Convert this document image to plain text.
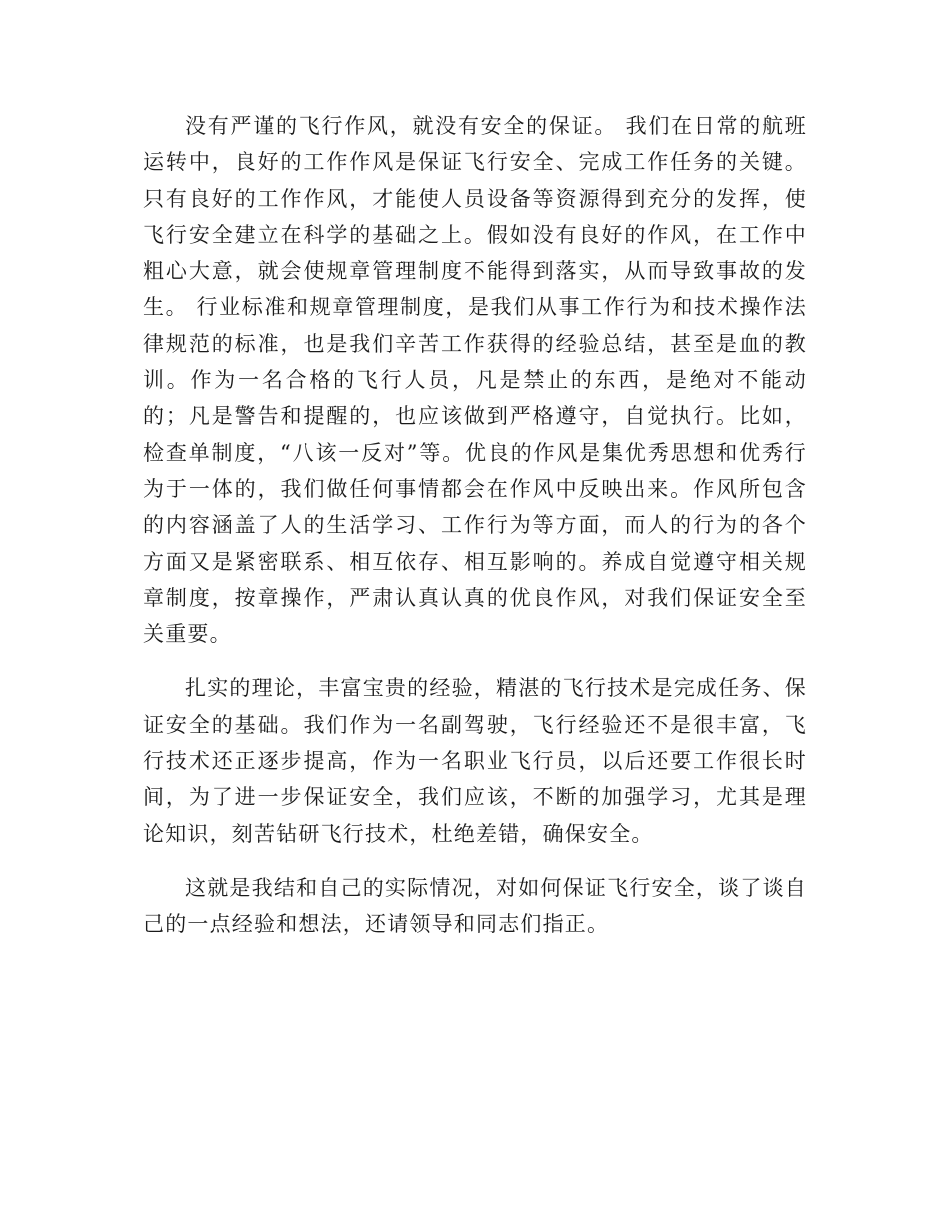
没有严谨的飞行作风，就没有安全的保证。 我们在日常的航班运转中，良好的工作作风是保证飞行安全、完成工作任务的关键。只有良好的工作作风，才能使人员设备等资源得到充分的发挥，使飞行安全建立在科学的基础之上。假如没有良好的作风，在工作中粗心大意，就会使规章管理制度不能得到落实，从而导致事故的发生。 行业标准和规章管理制度，是我们从事工作行为和技术操作法律规范的标准，也是我们辛苦工作获得的经验总结，甚至是血的教训。作为一名合格的飞行人员，凡是禁止的东西，是绝对不能动的；凡是警告和提醒的，也应该做到严格遵守，自觉执行。比如，检查单制度，“八该一反对”等。优良的作风是集优秀思想和优秀行为于一体的，我们做任何事情都会在作风中反映出来。作风所包含的内容涵盖了人的生活学习、工作行为等方面，而人的行为的各个方面又是紧密联系、相互依存、相互影响的。养成自觉遵守相关规章制度，按章操作，严肃认真认真的优良作风，对我们保证安全至关重要。

扎实的理论，丰富宝贵的经验，精湛的飞行技术是完成任务、保证安全的基础。我们作为一名副驾驶，飞行经验还不是很丰富，飞行技术还正逐步提高，作为一名职业飞行员，以后还要工作很长时间，为了进一步保证安全，我们应该，不断的加强学习，尤其是理论知识，刻苦钻研飞行技术，杜绝差错，确保安全。

这就是我结和自己的实际情况，对如何保证飞行安全，谈了谈自己的一点经验和想法，还请领导和同志们指正。
